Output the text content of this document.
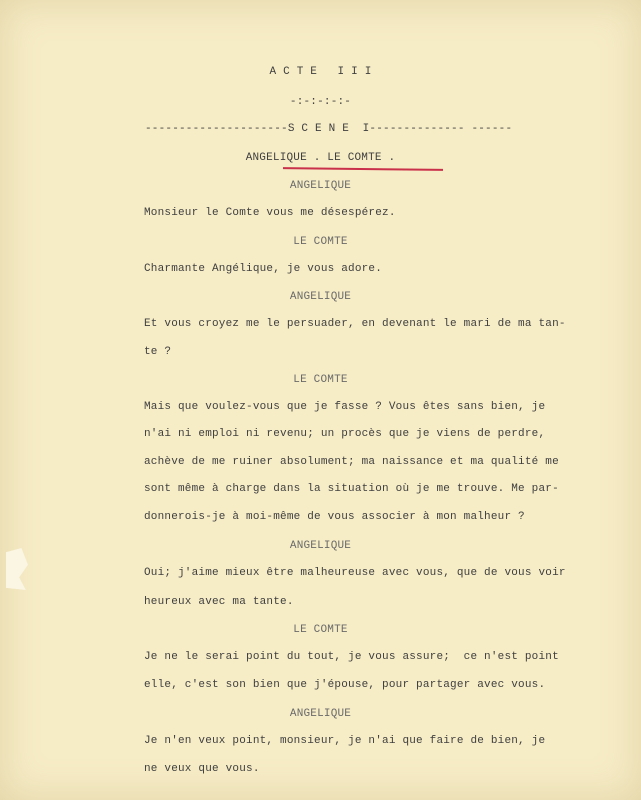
A C T E   I I I
-:-:-:-:-
---------------------S C E N E  I-------------- ------
ANGELIQUE . LE COMTE .
ANGELIQUE
Monsieur le Comte vous me désespérez.
LE COMTE
Charmante Angélique, je vous adore.
ANGELIQUE
Et vous croyez me le persuader, en devenant le mari de ma tan-
te ?
LE COMTE
Mais que voulez-vous que je fasse ? Vous êtes sans bien, je
n'ai ni emploi ni revenu; un procès que je viens de perdre,
achève de me ruiner absolument; ma naissance et ma qualité me
sont même à charge dans la situation où je me trouve. Me par-
donnerois-je à moi-même de vous associer à mon malheur ?
ANGELIQUE
Oui; j'aime mieux être malheureuse avec vous, que de vous voir
heureux avec ma tante.
LE COMTE
Je ne le serai point du tout, je vous assure;  ce n'est point
elle, c'est son bien que j'épouse, pour partager avec vous.
ANGELIQUE
Je n'en veux point, monsieur, je n'ai que faire de bien, je
ne veux que vous.
